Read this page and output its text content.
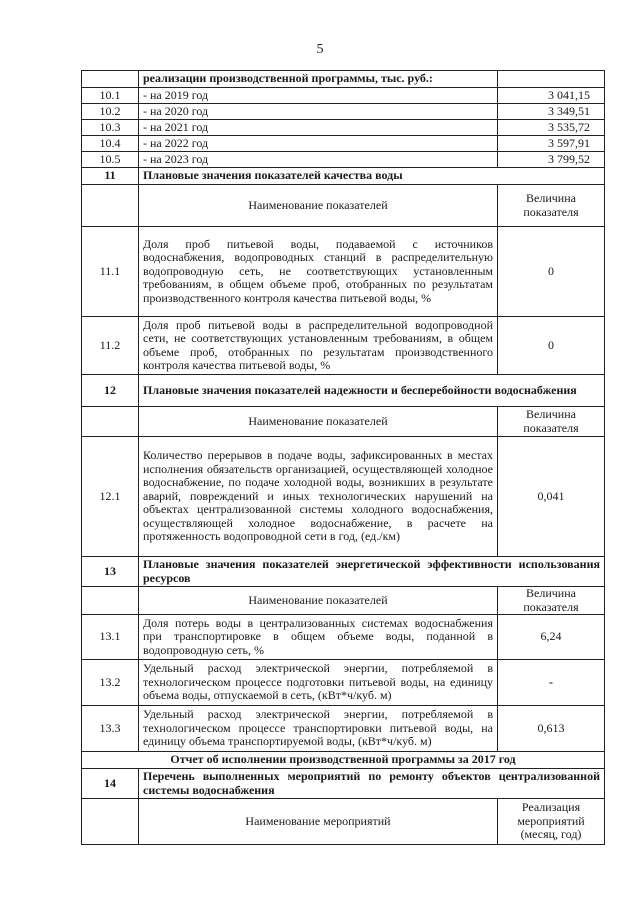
5
	реализации производственной программы, тыс. руб.:	
10.1	- на 2019 год	3 041,15
10.2	- на 2020 год	3 349,51
10.3	- на 2021 год	3 535,72
10.4	- на 2022 год	3 597,91
10.5	- на 2023 год	3 799,52
11	Плановые значения показателей качества воды	
	Наименование показателей	Величина показателя
11.1	Доля проб питьевой воды, подаваемой с источников водоснабжения, водопроводных станций в распределительную водопроводную сеть, не соответствующих установленным требованиям, в общем объеме проб, отобранных по результатам производственного контроля качества питьевой воды, %	0
11.2	Доля проб питьевой воды в распределительной водопроводной сети, не соответствующих установленным требованиям, в общем объеме проб, отобранных по результатам производственного контроля качества питьевой воды, %	0
12	Плановые значения показателей надежности и бесперебойности водоснабжения	
	Наименование показателей	Величина показателя
12.1	Количество перерывов в подаче воды, зафиксированных в местах исполнения обязательств организацией, осуществляющей холодное водоснабжение, по подаче холодной воды, возникших в результате аварий, повреждений и иных технологических нарушений на объектах централизованной системы холодного водоснабжения, осуществляющей холодное водоснабжение, в расчете на протяженность водопроводной сети в год, (ед./км)	0,041
13	Плановые значения показателей энергетической эффективности использования ресурсов	
	Наименование показателей	Величина показателя
13.1	Доля потерь воды в централизованных системах водоснабжения при транспортировке в общем объеме воды, поданной в водопроводную сеть, %	6,24
13.2	Удельный расход электрической энергии, потребляемой в технологическом процессе подготовки питьевой воды, на единицу объема воды, отпускаемой в сеть, (кВт*ч/куб. м)	-
13.3	Удельный расход электрической энергии, потребляемой в технологическом процессе транспортировки питьевой воды, на единицу объема транспортируемой воды, (кВт*ч/куб. м)	0,613
Отчет об исполнении производственной программы за 2017 год		
14	Перечень выполненных мероприятий по ремонту объектов централизованной системы водоснабжения	
	Наименование мероприятий	Реализация мероприятий (месяц, год)
